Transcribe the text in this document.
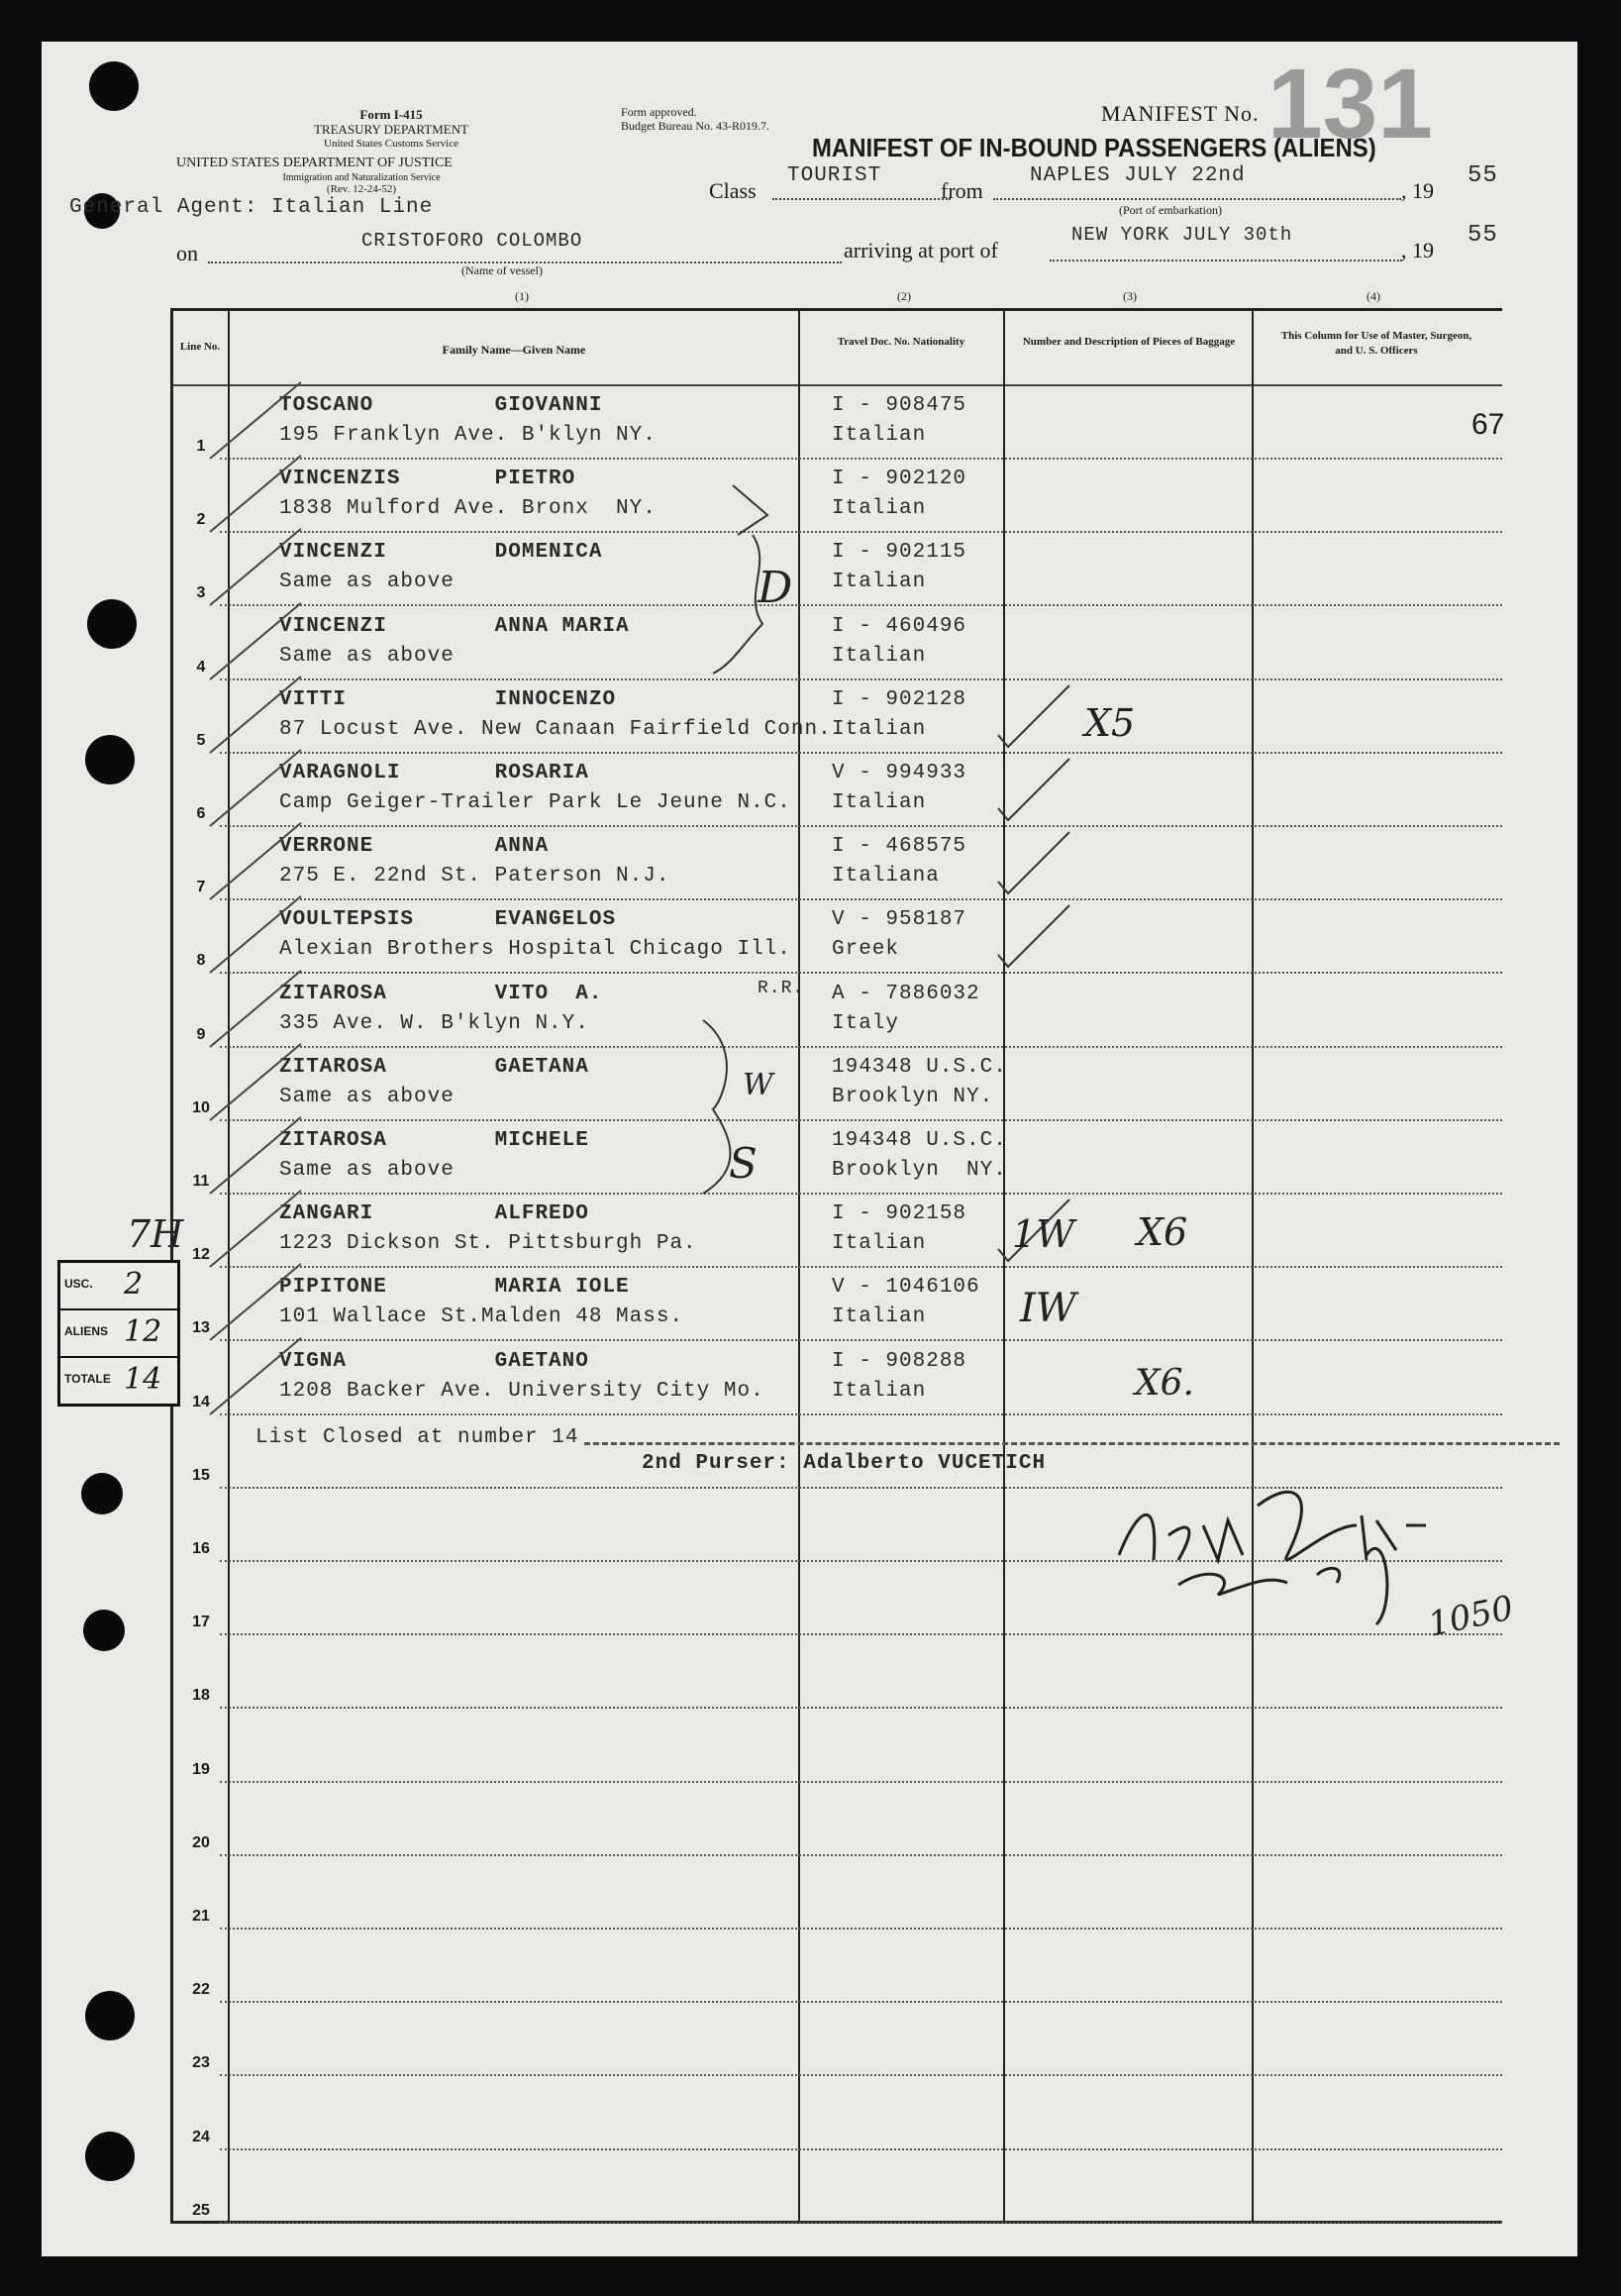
Form I-415
TREASURY DEPARTMENT
United States Customs Service
UNITED STATES DEPARTMENT OF JUSTICE
Immigration and Naturalization Service
(Rev. 12-24-52)
Form approved.
Budget Bureau No. 43-R019.7.	MANIFEST No. 131
MANIFEST OF IN-BOUND PASSENGERS (ALIENS)
General Agent: Italian Line
Class
TOURIST
from
NAPLES JULY 22nd
, 19
55
(Port of embarkation)
on	CRISTOFORO COLOMBO
(Name of vessel)
arriving at port of
NEW YORK JULY 30th
, 19
55
(1)	(2)	(3)	(4)
Line No.	Family Name—Given Name
Travel Doc. No. Nationality	Number and Description of Pieces of Baggage	This Column for Use of Master, Surgeon, and U. S. Officers
1
TOSCANO         GIOVANNI
195 Franklyn Ave. B'klyn NY.
I - 908475
Italian
2
VINCENZIS       PIETRO
1838 Mulford Ave. Bronx  NY.
I - 902120
Italian
3
VINCENZI        DOMENICA
Same as above
I - 902115
Italian
4
VINCENZI        ANNA MARIA
Same as above
I - 460496
Italian
5
VITTI           INNOCENZO
87 Locust Ave. New Canaan Fairfield Conn.
I - 902128
Italian
6
VARAGNOLI       ROSARIA
Camp Geiger-Trailer Park Le Jeune N.C.
V - 994933
Italian
7
VERRONE         ANNA
275 E. 22nd St. Paterson N.J.
I - 468575
Italiana
8
VOULTEPSIS      EVANGELOS
Alexian Brothers Hospital Chicago Ill.
V - 958187
Greek
9
ZITAROSA        VITO  A.
335 Ave. W. B'klyn N.Y.
A - 7886032
Italy
10
ZITAROSA        GAETANA
Same as above
194348 U.S.C.
Brooklyn NY.
11
ZITAROSA        MICHELE
Same as above
194348 U.S.C.
Brooklyn  NY.
12
ZANGARI         ALFREDO
1223 Dickson St. Pittsburgh Pa.
I - 902158
Italian
13
PIPITONE        MARIA IOLE
101 Wallace St.Malden 48 Mass.
V - 1046106
Italian
14
VIGNA           GAETANO
1208 Backer Ave. University City Mo.
I - 908288
Italian
15
16
17
18
19
20
21
22
23
24
25
List Closed at number 14
2nd Purser: Adalberto VUCETICH
67
X5
X6
X6.
1W
IW
W
S
D
R.R.
1050
USC. 2
ALIENS 12
TOTALE 14
7H
